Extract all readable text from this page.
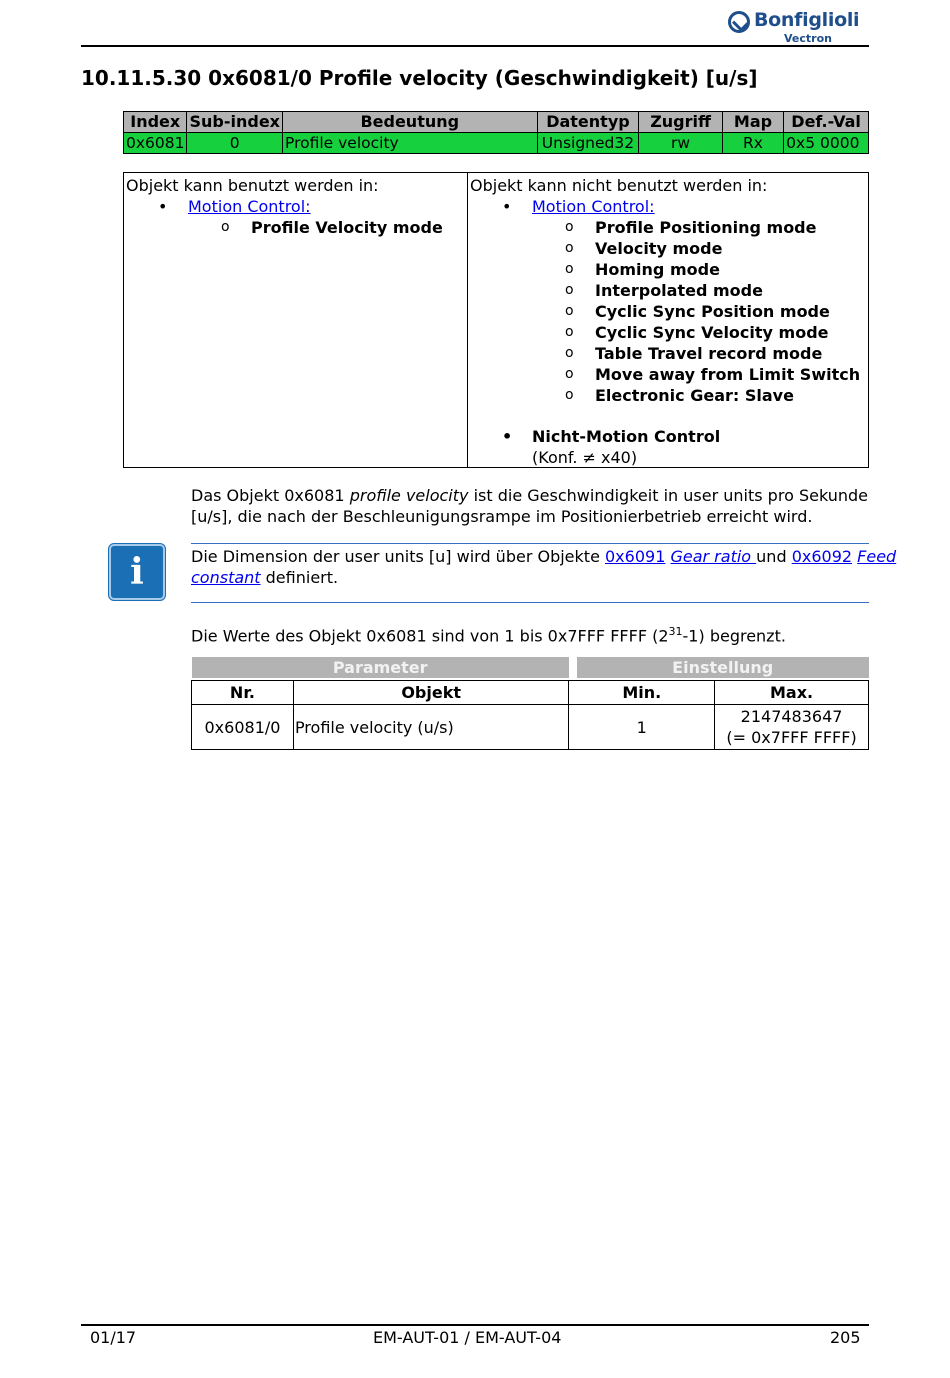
Bonfiglioli
Vectron
10.11.5.30 0x6081/0 Profile velocity (Geschwindigkeit) [u/s]
Index	Sub-index	Bedeutung	Datentyp	Zugriff	Map	Def.-Val
0x6081	0	Profile velocity	Unsigned32	rw	Rx	0x5 0000
Objekt kann benutzt werden in:
• Motion Control:
o Profile Velocity mode
Objekt kann nicht benutzt werden in:
• Motion Control:
o Profile Positioning mode
o Velocity mode
o Homing mode
o Interpolated mode
o Cyclic Sync Position mode
o Cyclic Sync Velocity mode
o Table Travel record mode
o Move away from Limit Switch
o Electronic Gear: Slave
• Nicht-Motion Control
(Konf. ≠ x40)
Das Objekt 0x6081 profile velocity ist die Geschwindigkeit in user units pro Sekunde
[u/s], die nach der Beschleunigungsrampe im Positionierbetrieb erreicht wird.
i	Die Dimension der user units [u] wird über Objekte 0x6091 Gear ratio und 0x6092 Feed
constant definiert.
Die Werte des Objekt 0x6081 sind von 1 bis 0x7FFF FFFF $(2^{31}-1)$ begrenzt.
Parameter			Einstellung	

Nr.	Objekt	Min.		Max.
0x6081/0	Profile velocity (u/s)	1		2147483647
(= 0x7FFF FFFF)
01/17	EM-AUT-01 / EM-AUT-04	205
